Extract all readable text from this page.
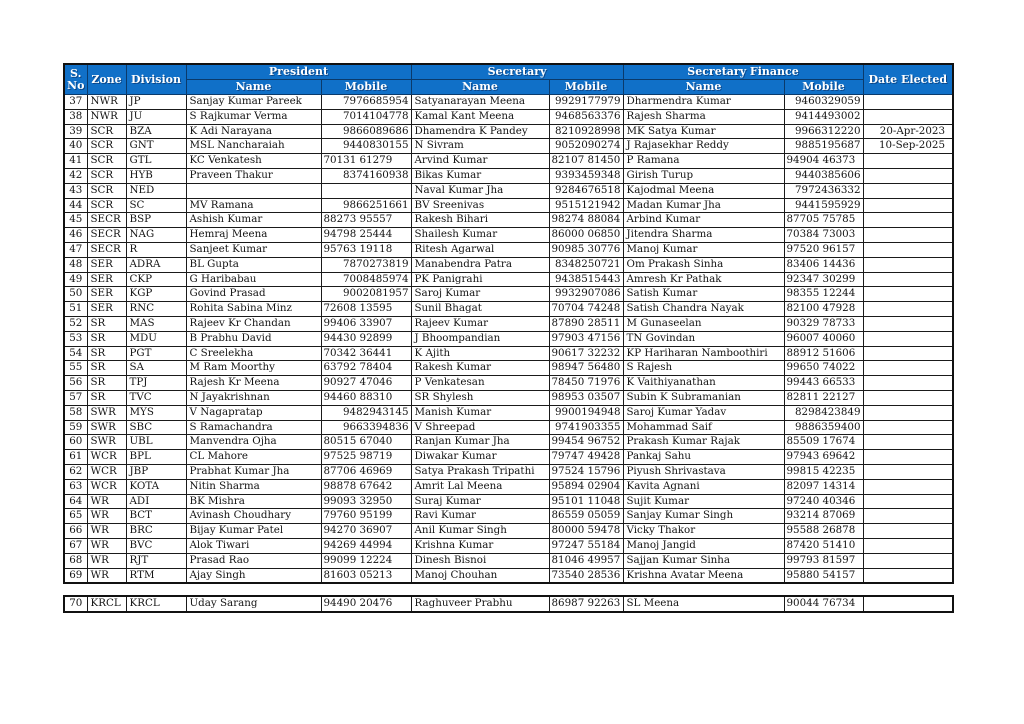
S.
No	Zone	Division	President		Secretary		Secretary Finance		Date Elected
			Name	Mobile	Name	Mobile	Name	Mobile	
37	NWR	JP	Sanjay Kumar Pareek	7976685954	Satyanarayan Meena	9929177979	Dharmendra Kumar	9460329059	
38	NWR	JU	S Rajkumar Verma	7014104778	Kamal Kant Meena	9468563376	Rajesh Sharma	9414493002	
39	SCR	BZA	K Adi Narayana	9866089686	Dhamendra K Pandey	8210928998	MK Satya Kumar	9966312220	20-Apr-2023
40	SCR	GNT	MSL Nancharaiah	9440830155	N Sivram	9052090274	J Rajasekhar Reddy	9885195687	10-Sep-2025
41	SCR	GTL	KC Venkatesh	70131 61279	Arvind Kumar	82107 81450	P Ramana	94904 46373	
42	SCR	HYB	Praveen Thakur	8374160938	Bikas Kumar	9393459348	Girish Turup	9440385606	
43	SCR	NED			Naval Kumar Jha	9284676518	Kajodmal Meena	7972436332	
44	SCR	SC	MV Ramana	9866251661	BV Sreenivas	9515121942	Madan Kumar Jha	9441595929	
45	SECR	BSP	Ashish Kumar	88273 95557	Rakesh Bihari	98274 88084	Arbind Kumar	87705 75785	
46	SECR	NAG	Hemraj Meena	94798 25444	Shailesh Kumar	86000 06850	Jitendra Sharma	70384 73003	
47	SECR	R	Sanjeet Kumar	95763 19118	Ritesh Agarwal	90985 30776	Manoj Kumar	97520 96157	
48	SER	ADRA	BL Gupta	7870273819	Manabendra Patra	8348250721	Om Prakash Sinha	83406 14436	
49	SER	CKP	G Haribabau	7008485974	PK Panigrahi	9438515443	Amresh Kr Pathak	92347 30299	
50	SER	KGP	Govind Prasad	9002081957	Saroj Kumar	9932907086	Satish Kumar	98355 12244	
51	SER	RNC	Rohita Sabina Minz	72608 13595	Sunil Bhagat	70704 74248	Satish Chandra Nayak	82100 47928	
52	SR	MAS	Rajeev Kr Chandan	99406 33907	Rajeev Kumar	87890 28511	M Gunaseelan	90329 78733	
53	SR	MDU	B Prabhu David	94430 92899	J Bhoompandian	97903 47156	TN Govindan	96007 40060	
54	SR	PGT	C Sreelekha	70342 36441	K Ajith	90617 32232	KP Hariharan Namboothiri	88912 51606	
55	SR	SA	M Ram Moorthy	63792 78404	Rakesh Kumar	98947 56480	S Rajesh	99650 74022	
56	SR	TPJ	Rajesh Kr Meena	90927 47046	P Venkatesan	78450 71976	K Vaithiyanathan	99443 66533	
57	SR	TVC	N Jayakrishnan	94460 88310	SR Shylesh	98953 03507	Subin K Subramanian	82811 22127	
58	SWR	MYS	V Nagapratap	9482943145	Manish Kumar	9900194948	Saroj Kumar Yadav	8298423849	
59	SWR	SBC	S Ramachandra	9663394836	V Shreepad	9741903355	Mohammad Saif	9886359400	
60	SWR	UBL	Manvendra Ojha	80515 67040	Ranjan Kumar Jha	99454 96752	Prakash Kumar Rajak	85509 17674	
61	WCR	BPL	CL Mahore	97525 98719	Diwakar Kumar	79747 49428	Pankaj Sahu	97943 69642	
62	WCR	JBP	Prabhat Kumar Jha	87706 46969	Satya Prakash Tripathi	97524 15796	Piyush Shrivastava	99815 42235	
63	WCR	KOTA	Nitin Sharma	98878 67642	Amrit Lal Meena	95894 02904	Kavita Agnani	82097 14314	
64	WR	ADI	BK Mishra	99093 32950	Suraj Kumar	95101 11048	Sujit Kumar	97240 40346	
65	WR	BCT	Avinash Choudhary	79760 95199	Ravi Kumar	86559 05059	Sanjay Kumar Singh	93214 87069	
66	WR	BRC	Bijay Kumar Patel	94270 36907	Anil Kumar Singh	80000 59478	Vicky Thakor	95588 26878	
67	WR	BVC	Alok Tiwari	94269 44994	Krishna Kumar	97247 55184	Manoj Jangid	87420 51410	
68	WR	RJT	Prasad Rao	99099 12224	Dinesh Bisnoi	81046 49957	Sajjan Kumar Sinha	99793 81597	
69	WR	RTM	Ajay Singh	81603 05213	Manoj Chouhan	73540 28536	Krishna Avatar Meena	95880 54157	
70	KRCL	KRCL	Uday Sarang	94490 20476	Raghuveer Prabhu	86987 92263	SL Meena	90044 76734	
